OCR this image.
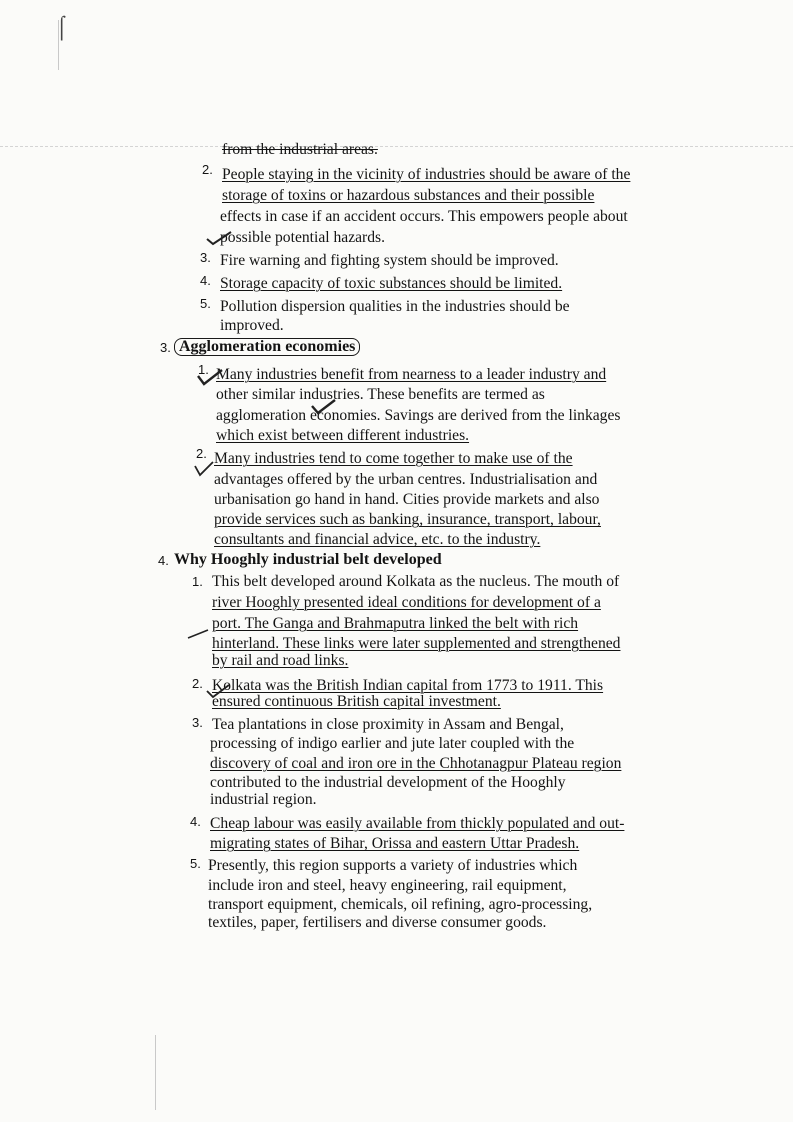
⌠
from the industrial areas.
2. People staying in the vicinity of industries should be aware of the
storage of toxins or hazardous substances and their possible
effects in case if an accident occurs. This empowers people about
possible potential hazards.
3. Fire warning and fighting system should be improved.
4. Storage capacity of toxic substances should be limited.
5. Pollution dispersion qualities in the industries should be
improved.
3. Agglomeration economies
1. Many industries benefit from nearness to a leader industry and
other similar industries. These benefits are termed as
agglomeration economies. Savings are derived from the linkages
which exist between different industries.
2. Many industries tend to come together to make use of the
advantages offered by the urban centres. Industrialisation and
urbanisation go hand in hand. Cities provide markets and also
provide services such as banking, insurance, transport, labour,
consultants and financial advice, etc. to the industry.
4. Why Hooghly industrial belt developed
1. This belt developed around Kolkata as the nucleus. The mouth of
river Hooghly presented ideal conditions for development of a
port. The Ganga and Brahmaputra linked the belt with rich
hinterland. These links were later supplemented and strengthened
by rail and road links.
2. Kolkata was the British Indian capital from 1773 to 1911. This
ensured continuous British capital investment.
3. Tea plantations in close proximity in Assam and Bengal,
processing of indigo earlier and jute later coupled with the
discovery of coal and iron ore in the Chhotanagpur Plateau region
contributed to the industrial development of the Hooghly
industrial region.
4. Cheap labour was easily available from thickly populated and out-
migrating states of Bihar, Orissa and eastern Uttar Pradesh.
5. Presently, this region supports a variety of industries which
include iron and steel, heavy engineering, rail equipment,
transport equipment, chemicals, oil refining, agro-processing,
textiles, paper, fertilisers and diverse consumer goods.
